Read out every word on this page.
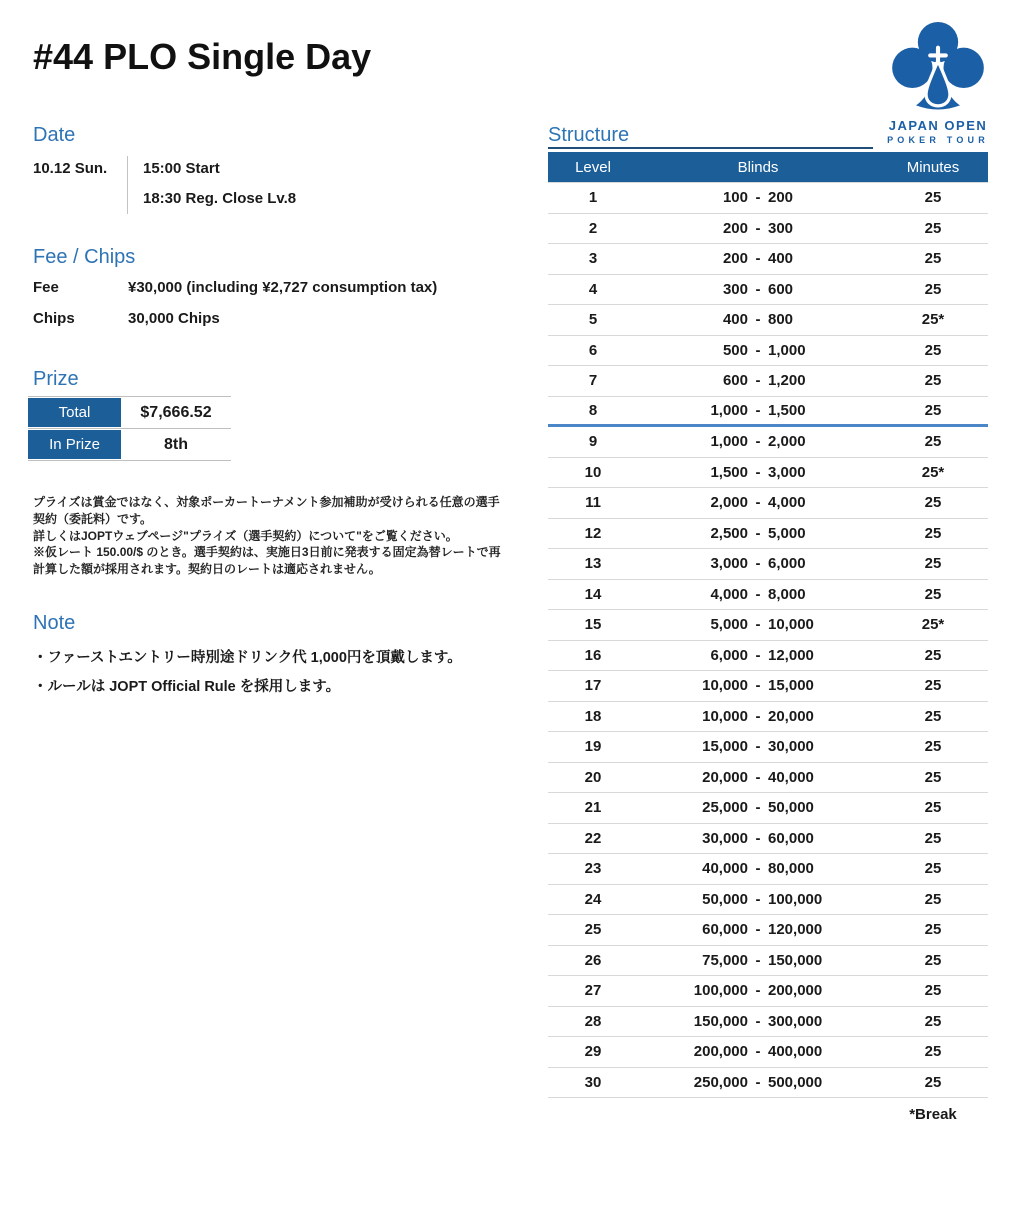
#44 PLO Single Day
JAPAN OPEN
POKER TOUR
Date
10.12 Sun.	15:00 Start
18:30 Reg. Close Lv.8
Fee / Chips
Fee	¥30,000 (including ¥2,727 consumption tax)
Chips	30,000 Chips
Prize
Total	$7,666.52
In Prize	8th

プライズは賞金ではなく、対象ポーカートーナメント参加補助が受けられる任意の選手契約（委託料）です。

詳しくはJOPTウェブページ"プライズ（選手契約）について"をご覧ください。

※仮レート 150.00/$ のとき。選手契約は、実施日3日前に発表する固定為替レートで再計算した額が採用されます。契約日のレートは適応されません。

Note
・ファーストエントリー時別途ドリンク代 1,000円を頂戴します。
・ルールは JOPT Official Rule を採用します。
Structure
Level	Blinds	Minutes
1	100 - 200	25
2	200 - 300	25
3	200 - 400	25
4	300 - 600	25
5	400 - 800	25*
6	500 - 1,000	25
7	600 - 1,200	25
8	1,000 - 1,500	25
9	1,000 - 2,000	25
10	1,500 - 3,000	25*
11	2,000 - 4,000	25
12	2,500 - 5,000	25
13	3,000 - 6,000	25
14	4,000 - 8,000	25
15	5,000 - 10,000	25*
16	6,000 - 12,000	25
17	10,000 - 15,000	25
18	10,000 - 20,000	25
19	15,000 - 30,000	25
20	20,000 - 40,000	25
21	25,000 - 50,000	25
22	30,000 - 60,000	25
23	40,000 - 80,000	25
24	50,000 - 100,000	25
25	60,000 - 120,000	25
26	75,000 - 150,000	25
27	100,000 - 200,000	25
28	150,000 - 300,000	25
29	200,000 - 400,000	25
30	250,000 - 500,000	25
*Break
